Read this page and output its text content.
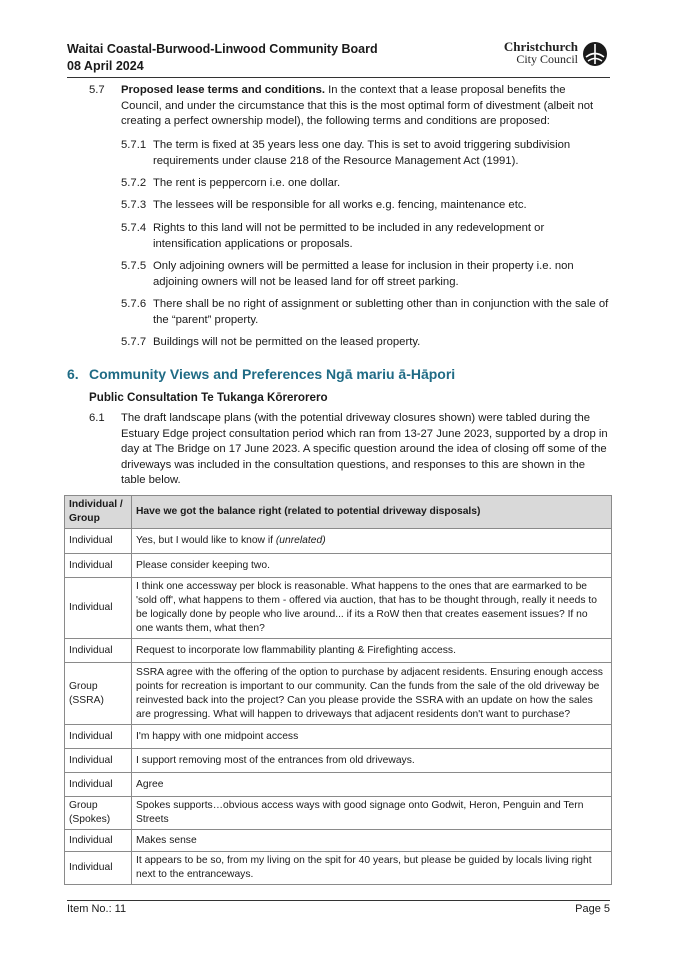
Waitai Coastal-Burwood-Linwood Community Board
08 April 2024
Christchurch
City Council
5.7 Proposed lease terms and conditions. In the context that a lease proposal benefits the Council, and under the circumstance that this is the most optimal form of divestment (albeit not creating a perfect ownership model), the following terms and conditions are proposed:
5.7.1 The term is fixed at 35 years less one day. This is set to avoid triggering subdivision requirements under clause 218 of the Resource Management Act (1991).
5.7.2 The rent is peppercorn i.e. one dollar.
5.7.3 The lessees will be responsible for all works e.g. fencing, maintenance etc.
5.7.4 Rights to this land will not be permitted to be included in any redevelopment or intensification applications or proposals.
5.7.5 Only adjoining owners will be permitted a lease for inclusion in their property i.e. non adjoining owners will not be leased land for off street parking.
5.7.6 There shall be no right of assignment or subletting other than in conjunction with the sale of the “parent” property.
5.7.7 Buildings will not be permitted on the leased property.
6. Community Views and Preferences Ngā mariu ā-Hāpori
Public Consultation Te Tukanga Kōrerorero
6.1 The draft landscape plans (with the potential driveway closures shown) were tabled during the Estuary Edge project consultation period which ran from 13-27 June 2023, supported by a drop in day at The Bridge on 17 June 2023. A specific question around the idea of closing off some of the driveways was included in the consultation questions, and responses to this are shown in the table below.
Individual / Group	Have we got the balance right (related to potential driveway disposals)
Individual	Yes, but I would like to know if (unrelated)
Individual	Please consider keeping two.
Individual	I think one accessway per block is reasonable. What happens to the ones that are earmarked to be 'sold off', what happens to them - offered via auction, that has to be thought through, really it needs to be logically done by people who live around... if its a RoW then that creates easement issues? If no one wants them, what then?
Individual	Request to incorporate low flammability planting & Firefighting access.
Group (SSRA)	SSRA agree with the offering of the option to purchase by adjacent residents. Ensuring enough access points for recreation is important to our community. Can the funds from the sale of the old driveway be reinvested back into the project? Can you please provide the SSRA with an update on how the sales are progressing. What will happen to driveways that adjacent residents don't want to purchase?
Individual	I'm happy with one midpoint access
Individual	I support removing most of the entrances from old driveways.
Individual	Agree
Group (Spokes)	Spokes supports…obvious access ways with good signage onto Godwit, Heron, Penguin and Tern Streets
Individual	Makes sense
Individual	It appears to be so, from my living on the spit for 40 years, but please be guided by locals living right next to the entranceways.
Item No.: 11	Page 5
